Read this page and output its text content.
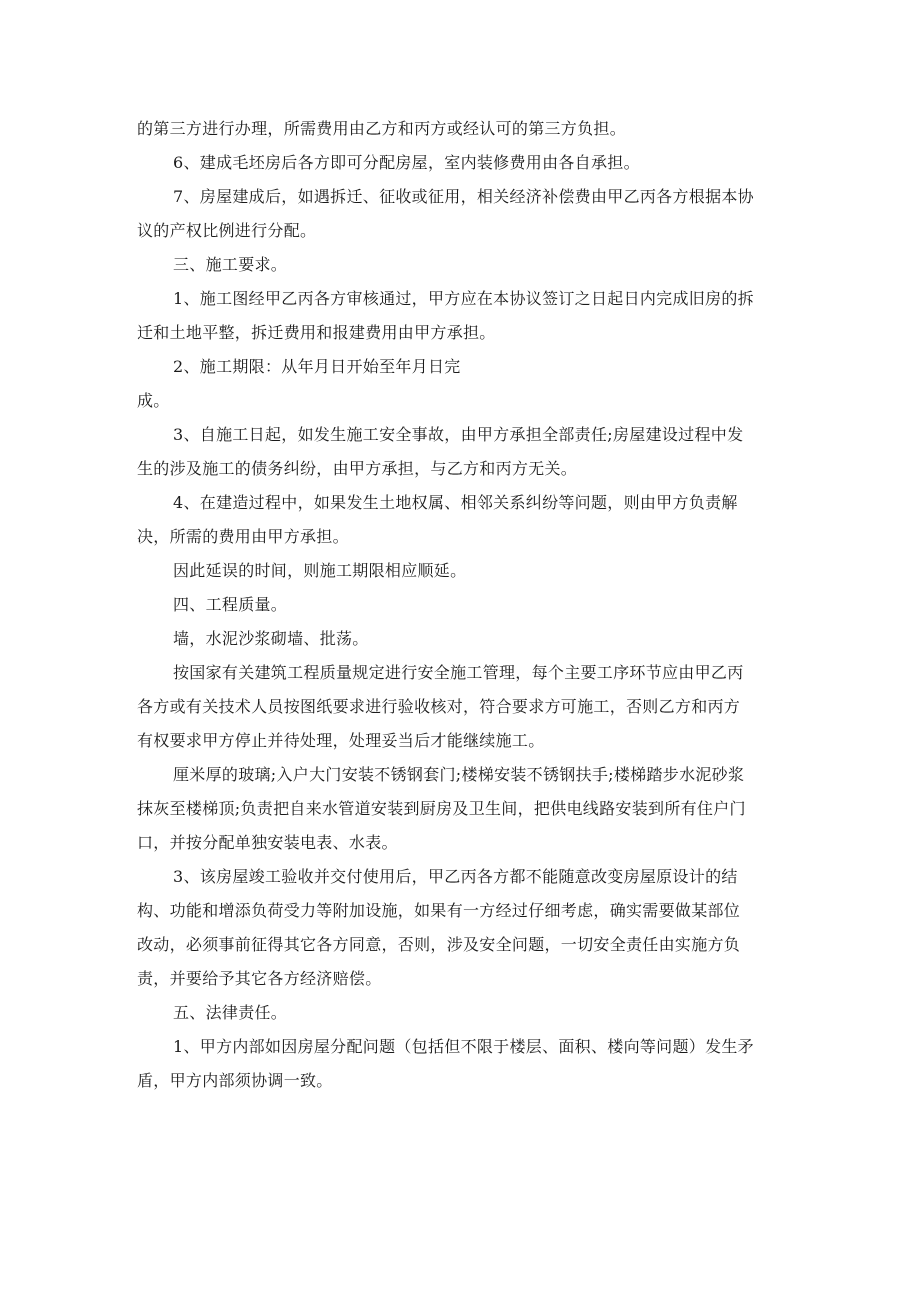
的第三方进行办理，所需费用由乙方和丙方或经认可的第三方负担。

6、建成毛坯房后各方即可分配房屋，室内装修费用由各自承担。

7、房屋建成后，如遇拆迁、征收或征用，相关经济补偿费由甲乙丙各方根据本协

议的产权比例进行分配。

三、施工要求。

1、施工图经甲乙丙各方审核通过，甲方应在本协议签订之日起日内完成旧房的拆

迁和土地平整，拆迁费用和报建费用由甲方承担。

2、施工期限：从年月日开始至年月日完

成。

3、自施工日起，如发生施工安全事故，由甲方承担全部责任;房屋建设过程中发

生的涉及施工的债务纠纷，由甲方承担，与乙方和丙方无关。

4、在建造过程中，如果发生土地权属、相邻关系纠纷等问题，则由甲方负责解

决，所需的费用由甲方承担。

因此延误的时间，则施工期限相应顺延。

四、工程质量。

墙，水泥沙浆砌墙、批荡。

按国家有关建筑工程质量规定进行安全施工管理，每个主要工序环节应由甲乙丙

各方或有关技术人员按图纸要求进行验收核对，符合要求方可施工，否则乙方和丙方

有权要求甲方停止并待处理，处理妥当后才能继续施工。

厘米厚的玻璃;入户大门安装不锈钢套门;楼梯安装不锈钢扶手;楼梯踏步水泥砂浆

抹灰至楼梯顶;负责把自来水管道安装到厨房及卫生间，把供电线路安装到所有住户门

口，并按分配单独安装电表、水表。

3、该房屋竣工验收并交付使用后，甲乙丙各方都不能随意改变房屋原设计的结

构、功能和增添负荷受力等附加设施，如果有一方经过仔细考虑，确实需要做某部位

改动，必须事前征得其它各方同意，否则，涉及安全问题，一切安全责任由实施方负

责，并要给予其它各方经济赔偿。

五、法律责任。

1、甲方内部如因房屋分配问题（包括但不限于楼层、面积、楼向等问题）发生矛

盾，甲方内部须协调一致。
